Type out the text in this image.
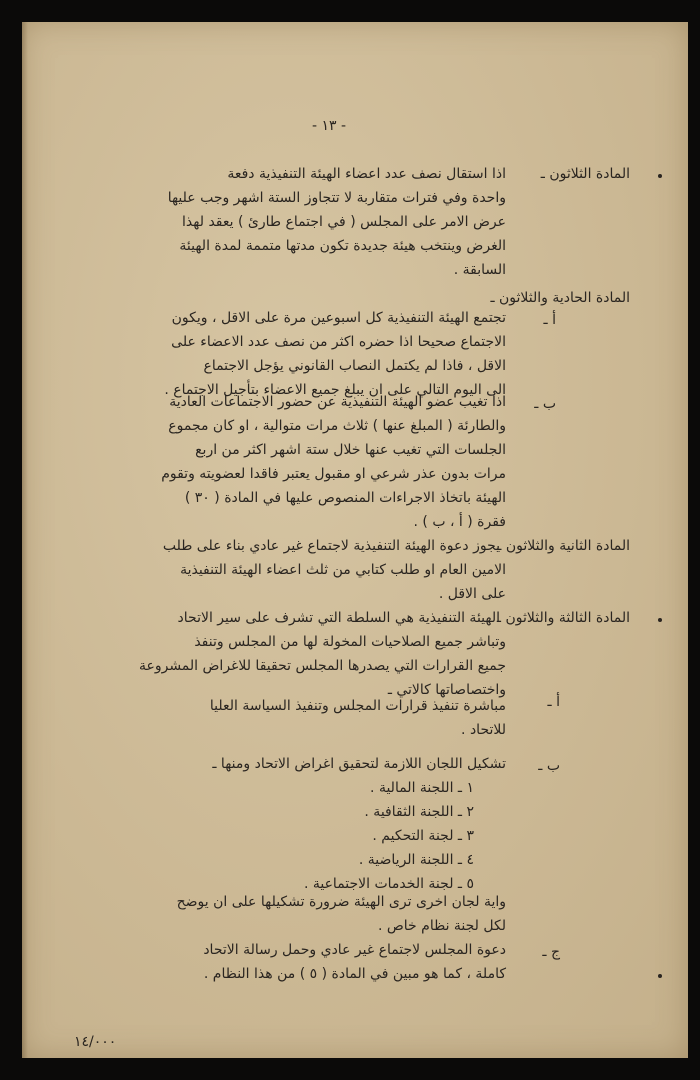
- ١٣ -
المادة الثلاثون ـ
اذا استقال نصف عدد اعضاء الهيئة التنفيذية دفعة
واحدة وفي فترات متقاربة لا تتجاوز الستة اشهر وجب عليها
عرض الامر على المجلس ( في اجتماع طارئ ) يعقد لهذا
الغرض وينتخب هيئة جديدة تكون مدتها متممة لمدة الهيئة
السابقة .
المادة الحادية والثلاثون ـ
أ ـ
تجتمع الهيئة التنفيذية كل اسبوعين مرة على الاقل ، ويكون
الاجتماع صحيحا اذا حضره اكثر من نصف عدد الاعضاء على
الاقل ، فاذا لم يكتمل النصاب القانوني يؤجل الاجتماع
الى اليوم التالي على ان يبلغ جميع الاعضاء بتأجيل الاجتماع .
ب ـ
اذا تغيب عضو الهيئة التنفيذية عن حضور الاجتماعات العادية
والطارئة ( المبلغ عنها ) ثلاث مرات متوالية ، او كان مجموع
الجلسات التي تغيب عنها خلال ستة اشهر اكثر من اربع
مرات بدون عذر شرعي او مقبول يعتبر فاقدا لعضويته وتقوم
الهيئة باتخاذ الاجراءات المنصوص عليها في المادة ( ٣٠ )
فقرة ( أ ، ب ) .
المادة الثانية والثلاثون ـ
يجوز دعوة الهيئة التنفيذية لاجتماع غير عادي بناء على طلب
الامين العام او طلب كتابي من ثلث اعضاء الهيئة التنفيذية
على الاقل .
المادة الثالثة والثلاثون ـ
الهيئة التنفيذية هي السلطة التي تشرف على سير الاتحاد
وتباشر جميع الصلاحيات المخولة لها من المجلس وتنفذ
جميع القرارات التي يصدرها المجلس تحقيقا للاغراض المشروعة
واختصاصاتها كالاتي ـ
أ ـ
مباشرة تنفيذ قرارات المجلس وتنفيذ السياسة العليا
للاتحاد .
ب ـ
تشكيل اللجان اللازمة لتحقيق اغراض الاتحاد ومنها ـ
١ ـ اللجنة المالية .
٢ ـ اللجنة الثقافية .
٣ ـ لجنة التحكيم .
٤ ـ اللجنة الرياضية .
٥ ـ لجنة الخدمات الاجتماعية .
واية لجان اخرى ترى الهيئة ضرورة تشكيلها على ان يوضح
لكل لجنة نظام خاص .
ج ـ
دعوة المجلس لاجتماع غير عادي وحمل رسالة الاتحاد
كاملة ، كما هو مبين في المادة ( ٥ ) من هذا النظام .
١٤/٠٠٠
